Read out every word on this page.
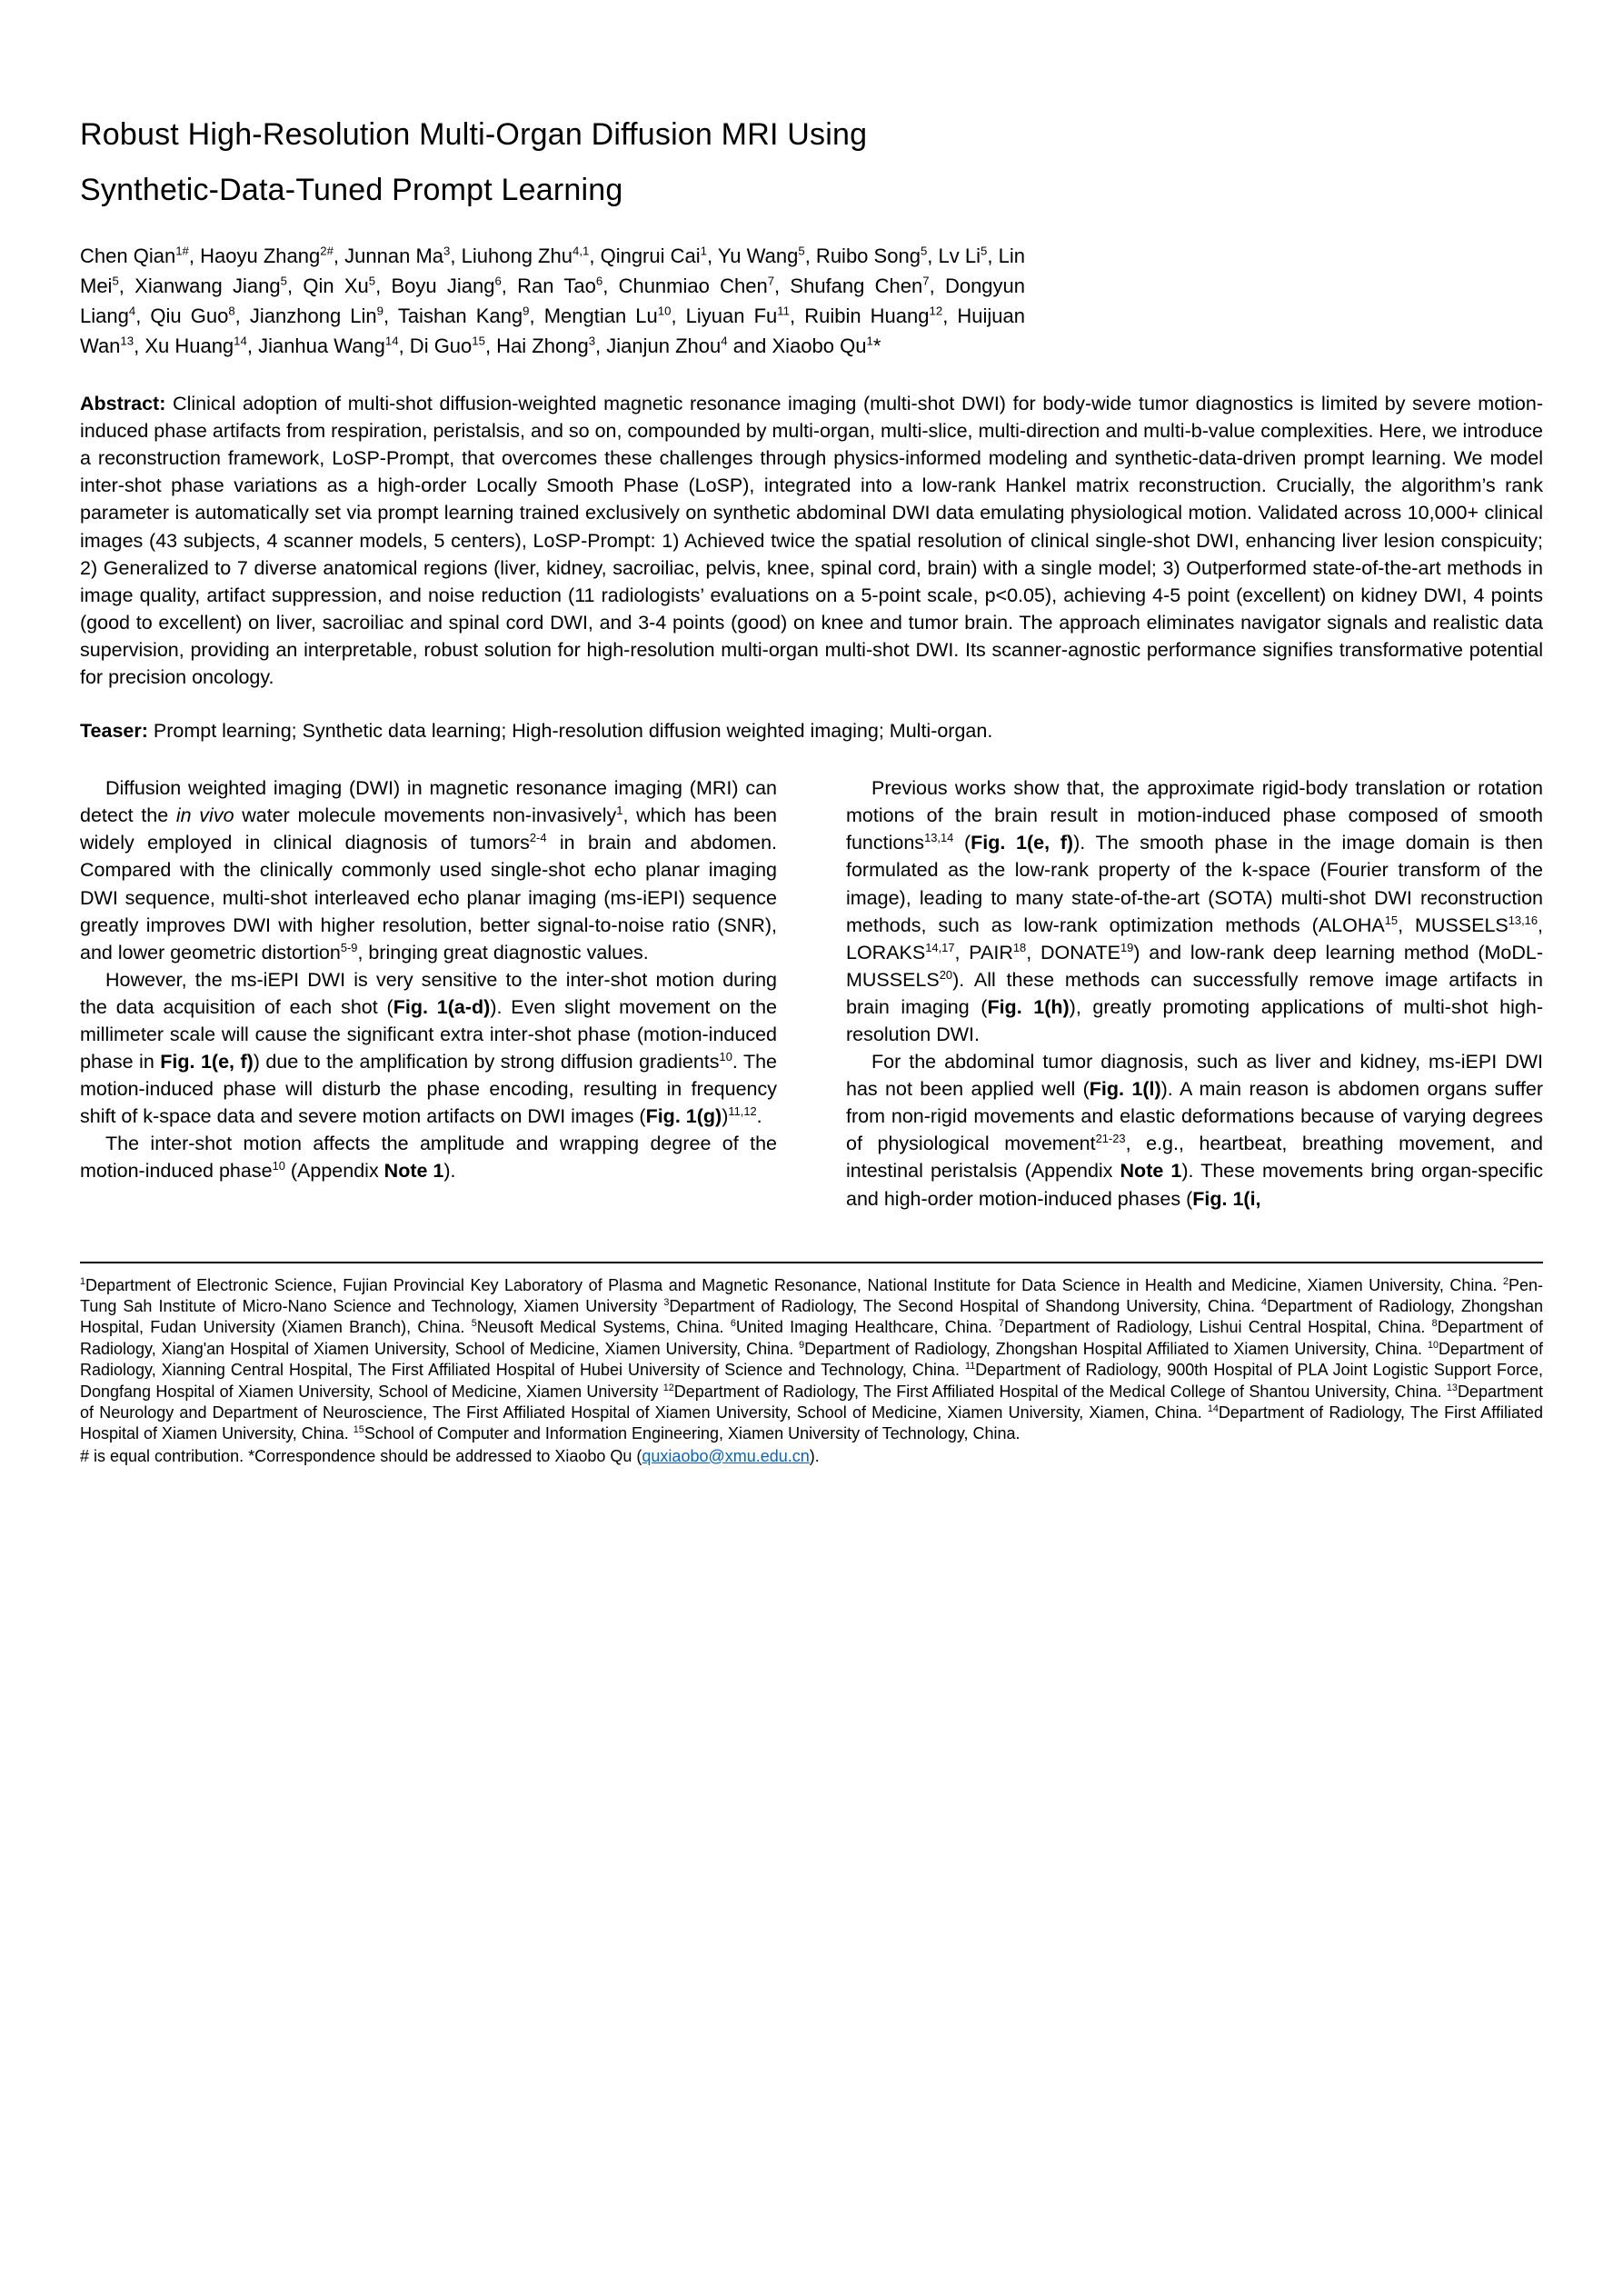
Robust High-Resolution Multi-Organ Diffusion MRI Using
Synthetic-Data-Tuned Prompt Learning

Chen Qian$^{1\#}$, Haoyu Zhang$^{2\#}$, Junnan Ma$^3$, Liuhong Zhu$^{4,1}$, Qingrui Cai$^1$, Yu Wang$^5$, Ruibo Song$^5$, Lv Li$^5$, Lin Mei$^5$, Xianwang Jiang$^5$, Qin Xu$^5$, Boyu Jiang$^6$, Ran Tao$^6$, Chunmiao Chen$^7$, Shufang Chen$^7$, Dongyun Liang$^4$, Qiu Guo$^8$, Jianzhong Lin$^9$, Taishan Kang$^9$, Mengtian Lu$^{10}$, Liyuan Fu$^{11}$, Ruibin Huang$^{12}$, Huijuan Wan$^{13}$, Xu Huang$^{14}$, Jianhua Wang$^{14}$, Di Guo$^{15}$, Hai Zhong$^3$, Jianjun Zhou$^4$ and Xiaobo Qu$^1$*

Abstract: Clinical adoption of multi-shot diffusion-weighted magnetic resonance imaging (multi-shot DWI) for body-wide tumor diagnostics is limited by severe motion-induced phase artifacts from respiration, peristalsis, and so on, compounded by multi-organ, multi-slice, multi-direction and multi-b-value complexities. Here, we introduce a reconstruction framework, LoSP-Prompt, that overcomes these challenges through physics-informed modeling and synthetic-data-driven prompt learning. We model inter-shot phase variations as a high-order Locally Smooth Phase (LoSP), integrated into a low-rank Hankel matrix reconstruction. Crucially, the algorithm’s rank parameter is automatically set via prompt learning trained exclusively on synthetic abdominal DWI data emulating physiological motion. Validated across 10,000+ clinical images (43 subjects, 4 scanner models, 5 centers), LoSP-Prompt: 1) Achieved twice the spatial resolution of clinical single-shot DWI, enhancing liver lesion conspicuity; 2) Generalized to 7 diverse anatomical regions (liver, kidney, sacroiliac, pelvis, knee, spinal cord, brain) with a single model; 3) Outperformed state-of-the-art methods in image quality, artifact suppression, and noise reduction (11 radiologists’ evaluations on a 5-point scale, p<0.05), achieving 4-5 point (excellent) on kidney DWI, 4 points (good to excellent) on liver, sacroiliac and spinal cord DWI, and 3-4 points (good) on knee and tumor brain. The approach eliminates navigator signals and realistic data supervision, providing an interpretable, robust solution for high-resolution multi-organ multi-shot DWI. Its scanner-agnostic performance signifies transformative potential for precision oncology.

Teaser: Prompt learning; Synthetic data learning; High-resolution diffusion weighted imaging; Multi-organ.

Diffusion weighted imaging (DWI) in magnetic resonance imaging (MRI) can detect the in vivo water molecule movements non-invasively$^1$, which has been widely employed in clinical diagnosis of tumors$^{2-4}$ in brain and abdomen. Compared with the clinically commonly used single-shot echo planar imaging DWI sequence, multi-shot interleaved echo planar imaging (ms-iEPI) sequence greatly improves DWI with higher resolution, better signal-to-noise ratio (SNR), and lower geometric distortion$^{5-9}$, bringing great diagnostic values.

However, the ms-iEPI DWI is very sensitive to the inter-shot motion during the data acquisition of each shot (Fig. 1(a-d)). Even slight movement on the millimeter scale will cause the significant extra inter-shot phase (motion-induced phase in Fig. 1(e, f)) due to the amplification by strong diffusion gradients$^{10}$. The motion-induced phase will disturb the phase encoding, resulting in frequency shift of k-space data and severe motion artifacts on DWI images (Fig. 1(g))$^{11,12}$.

The inter-shot motion affects the amplitude and wrapping degree of the motion-induced phase$^{10}$ (Appendix Note 1).

Previous works show that, the approximate rigid-body translation or rotation motions of the brain result in motion-induced phase composed of smooth functions$^{13,14}$ (Fig. 1(e, f)). The smooth phase in the image domain is then formulated as the low-rank property of the k-space (Fourier transform of the image), leading to many state-of-the-art (SOTA) multi-shot DWI reconstruction methods, such as low-rank optimization methods (ALOHA$^{15}$, MUSSELS$^{13,16}$, LORAKS$^{14,17}$, PAIR$^{18}$, DONATE$^{19}$) and low-rank deep learning method (MoDL-MUSSELS$^{20}$). All these methods can successfully remove image artifacts in brain imaging (Fig. 1(h)), greatly promoting applications of multi-shot high-resolution DWI.

For the abdominal tumor diagnosis, such as liver and kidney, ms-iEPI DWI has not been applied well (Fig. 1(l)). A main reason is abdomen organs suffer from non-rigid movements and elastic deformations because of varying degrees of physiological movement$^{21-23}$, e.g., heartbeat, breathing movement, and intestinal peristalsis (Appendix Note 1). These movements bring organ-specific and high-order motion-induced phases (Fig. 1(i,

$^1$Department of Electronic Science, Fujian Provincial Key Laboratory of Plasma and Magnetic Resonance, National Institute for Data Science in Health and Medicine, Xiamen University, China. $^2$Pen-Tung Sah Institute of Micro-Nano Science and Technology, Xiamen University $^3$Department of Radiology, The Second Hospital of Shandong University, China. $^4$Department of Radiology, Zhongshan Hospital, Fudan University (Xiamen Branch), China. $^5$Neusoft Medical Systems, China. $^6$United Imaging Healthcare, China. $^7$Department of Radiology, Lishui Central Hospital, China. $^8$Department of Radiology, Xiang'an Hospital of Xiamen University, School of Medicine, Xiamen University, China. $^9$Department of Radiology, Zhongshan Hospital Affiliated to Xiamen University, China. $^{10}$Department of Radiology, Xianning Central Hospital, The First Affiliated Hospital of Hubei University of Science and Technology, China. $^{11}$Department of Radiology, 900th Hospital of PLA Joint Logistic Support Force, Dongfang Hospital of Xiamen University, School of Medicine, Xiamen University $^{12}$Department of Radiology, The First Affiliated Hospital of the Medical College of Shantou University, China. $^{13}$Department of Neurology and Department of Neuroscience, The First Affiliated Hospital of Xiamen University, School of Medicine, Xiamen University, Xiamen, China. $^{14}$Department of Radiology, The First Affiliated Hospital of Xiamen University, China. $^{15}$School of Computer and Information Engineering, Xiamen University of Technology, China.

# is equal contribution. *Correspondence should be addressed to Xiaobo Qu (quxiaobo@xmu.edu.cn).
